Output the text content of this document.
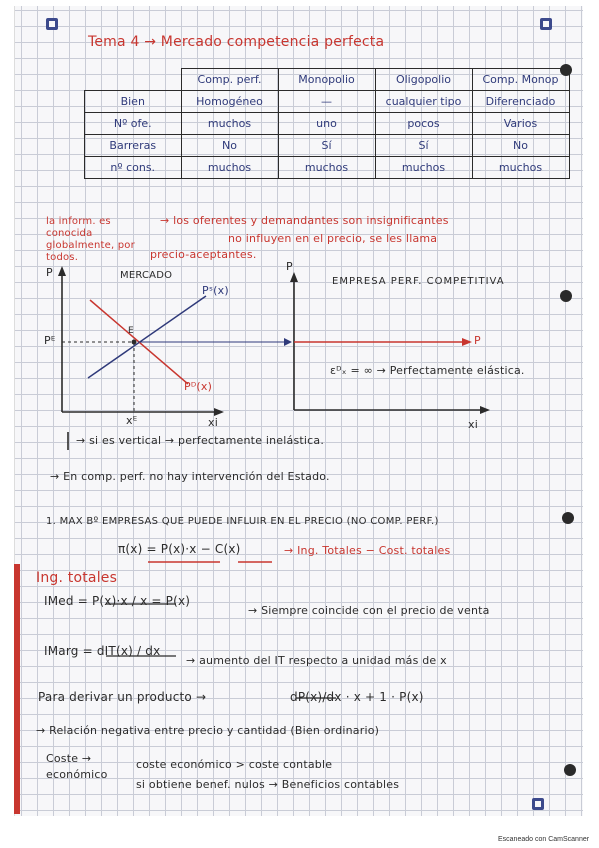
Tema 4 → Mercado competencia perfecta
	Comp. perf.	Monopolio	Oligopolio	Comp. Monop
Bien	Homogéneo	—	cualquier tipo	Diferenciado
Nº ofe.	muchos	uno	pocos	Varios
Barreras	No	Sí	Sí	No
nº cons.	muchos	muchos	muchos	muchos
la inform. es conocida globalmente, por todos.
→ los oferentes y demandantes son insignificantes
no influyen en el precio, se les llama
precio-aceptantes.
P	MERCADO
Pˢ(x)
E
Pᴱ
Pᴰ(x)
xᴱ	xi
P
EMPRESA PERF. COMPETITIVA
P
εᴰₓ = ∞ → Perfectamente elástica.
xi
→ si es vertical → perfectamente inelástica.
→ En comp. perf. no hay intervención del Estado.
1. MAX Bº EMPRESAS QUE PUEDE INFLUIR EN EL PRECIO (NO COMP. PERF.)
π(x) = P(x)·x − C(x)	→ Ing. Totales − Cost. totales
Ing. totales
IMed = P(x)·x / x = P(x)
→ Siempre coincide con el precio de venta
IMarg = dIT(x) / dx
→ aumento del IT respecto a unidad más de x
Para derivar un producto →	dP(x)/dx · x + 1 · P(x)
→ Relación negativa entre precio y cantidad (Bien ordinario)
Coste →
económico
coste económico > coste contable
si obtiene benef. nulos → Beneficios contables
Escaneado con CamScanner
